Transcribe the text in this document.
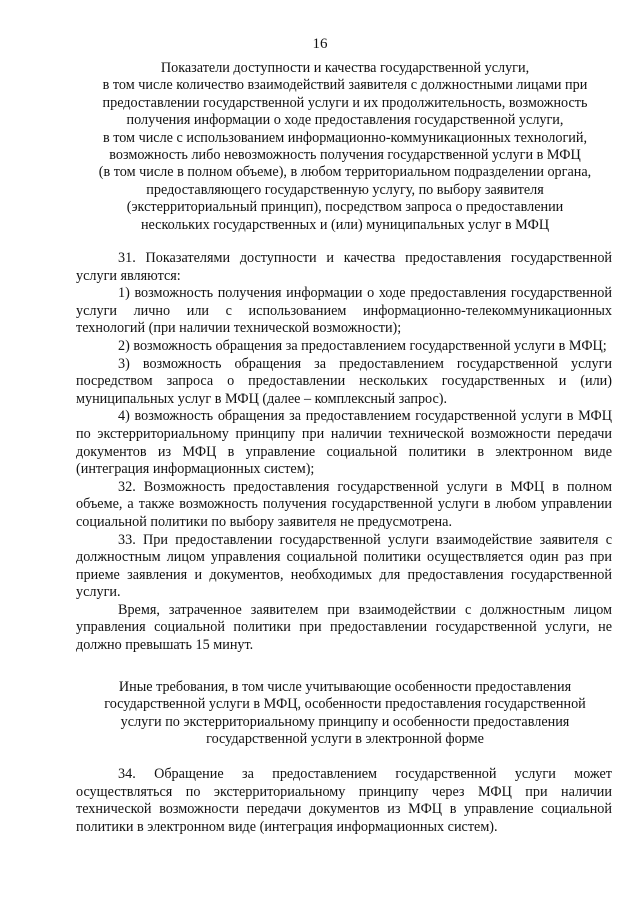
16
Показатели доступности и качества государственной услуги,
в том числе количество взаимодействий заявителя с должностными лицами при
предоставлении государственной услуги и их продолжительность, возможность
получения информации о ходе предоставления государственной услуги,
в том числе с использованием информационно-коммуникационных технологий,
возможность либо невозможность получения государственной услуги в МФЦ
(в том числе в полном объеме), в любом территориальном подразделении органа,
предоставляющего государственную услугу, по выбору заявителя
(экстерриториальный принцип), посредством запроса о предоставлении
нескольких государственных и (или) муниципальных услуг в МФЦ

31. Показателями доступности и качества предоставления государственной услуги являются:

1) возможность получения информации о ходе предоставления государственной услуги лично или с использованием информационно-телекоммуникационных технологий (при наличии технической возможности);

2) возможность обращения за предоставлением государственной услуги в МФЦ;

3) возможность обращения за предоставлением государственной услуги посредством запроса о предоставлении нескольких государственных и (или) муниципальных услуг в МФЦ (далее – комплексный запрос).

4) возможность обращения за предоставлением государственной услуги в МФЦ по экстерриториальному принципу при наличии технической возможности передачи документов из МФЦ в управление социальной политики в электронном виде (интеграция информационных систем);

32. Возможность предоставления государственной услуги в МФЦ в полном объеме, а также возможность получения государственной услуги в любом управлении социальной политики по выбору заявителя не предусмотрена.

33. При предоставлении государственной услуги взаимодействие заявителя с должностным лицом управления социальной политики осуществляется один раз при приеме заявления и документов, необходимых для предоставления государственной услуги.

Время, затраченное заявителем при взаимодействии с должностным лицом управления социальной политики при предоставлении государственной услуги, не должно превышать 15 минут.

Иные требования, в том числе учитывающие особенности предоставления
государственной услуги в МФЦ, особенности предоставления государственной
услуги по экстерриториальному принципу и особенности предоставления
государственной услуги в электронной форме

34. Обращение за предоставлением государственной услуги может осуществляться по экстерриториальному принципу через МФЦ при наличии технической возможности передачи документов из МФЦ в управление социальной политики в электронном виде (интеграция информационных систем).
